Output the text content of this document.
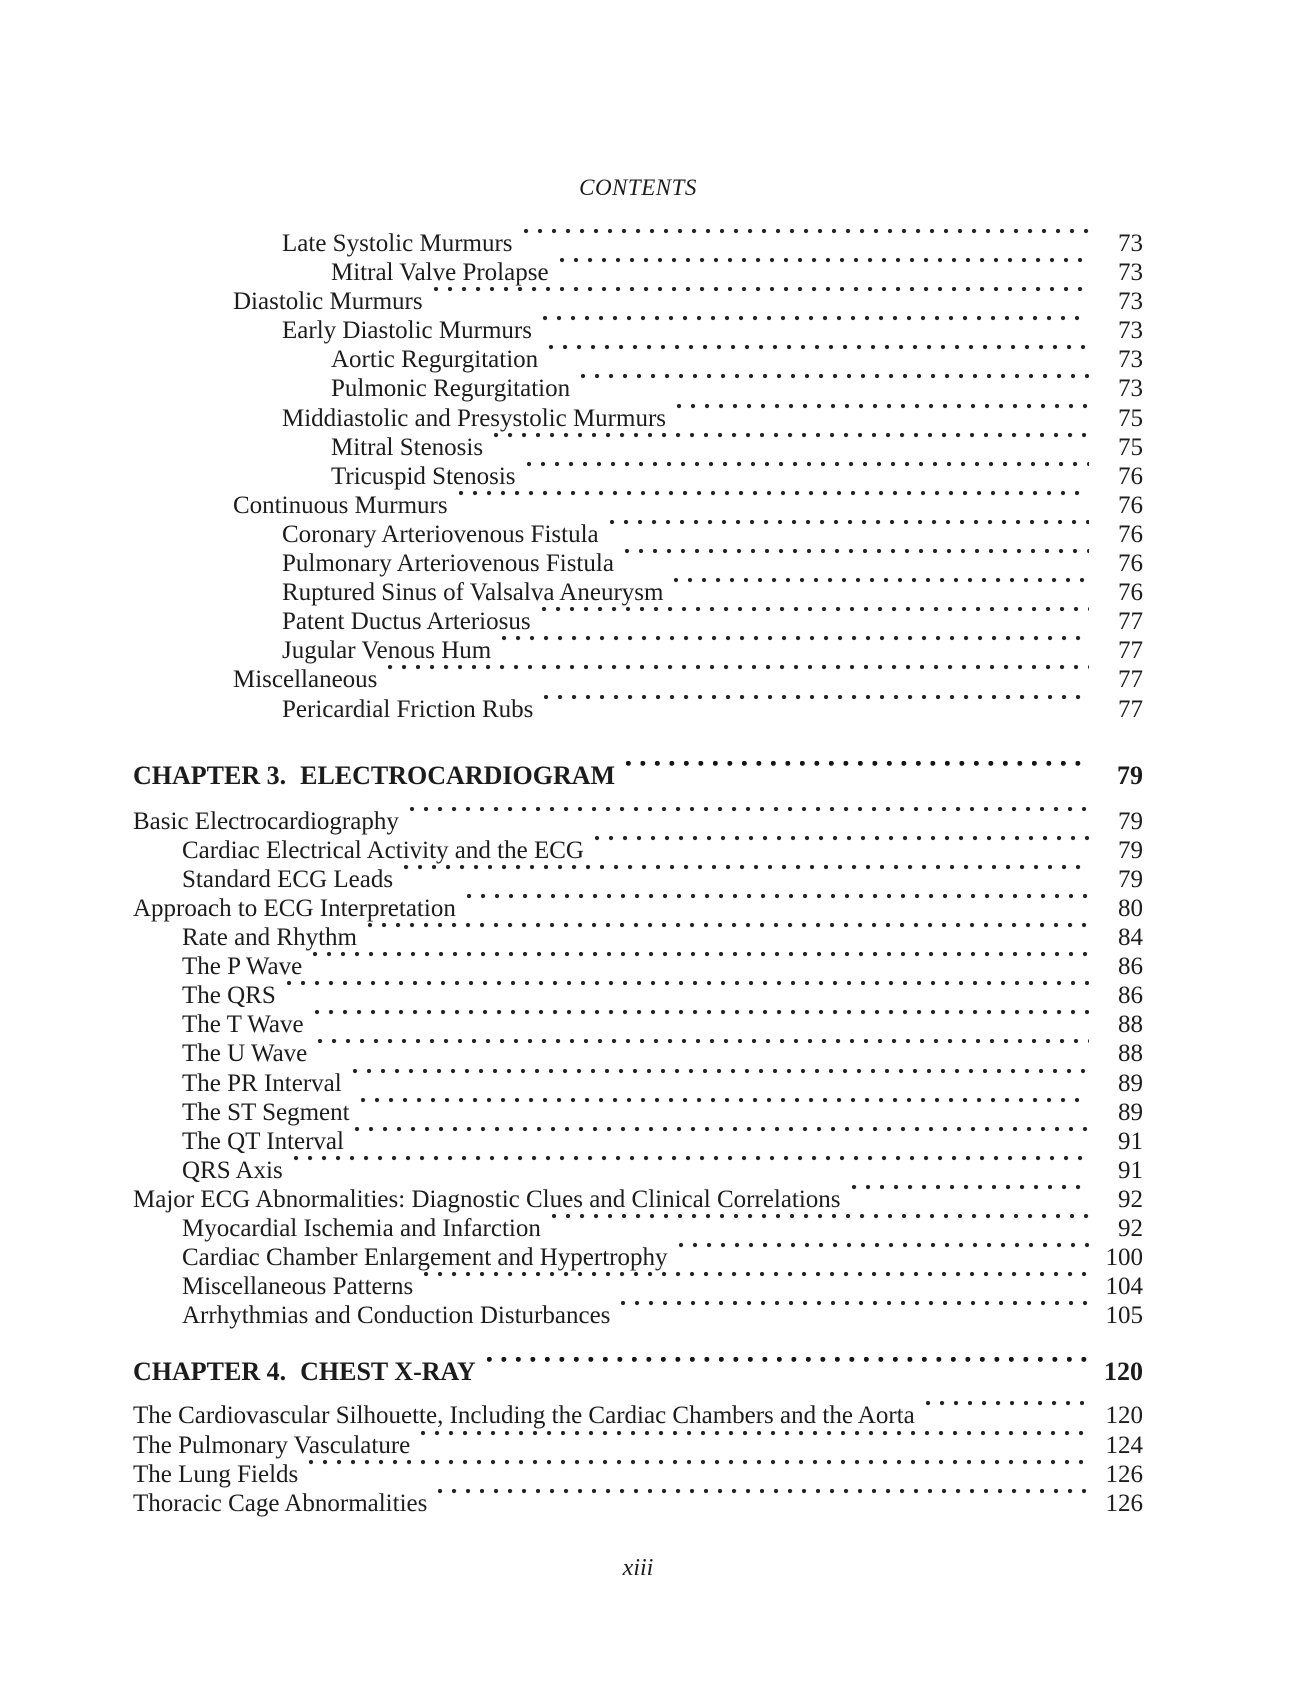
CONTENTS
Late Systolic Murmurs	73
Mitral Valve Prolapse	73
Diastolic Murmurs	73
Early Diastolic Murmurs	73
Aortic Regurgitation	73
Pulmonic Regurgitation	73
Middiastolic and Presystolic Murmurs	75
Mitral Stenosis	75
Tricuspid Stenosis	76
Continuous Murmurs	76
Coronary Arteriovenous Fistula	76
Pulmonary Arteriovenous Fistula	76
Ruptured Sinus of Valsalva Aneurysm	76
Patent Ductus Arteriosus	77
Jugular Venous Hum	77
Miscellaneous	77
Pericardial Friction Rubs	77
CHAPTER 3. ELECTROCARDIOGRAM	79
Basic Electrocardiography	79
Cardiac Electrical Activity and the ECG	79
Standard ECG Leads	79
Approach to ECG Interpretation	80
Rate and Rhythm	84
The P Wave	86
The QRS	86
The T Wave	88
The U Wave	88
The PR Interval	89
The ST Segment	89
The QT Interval	91
QRS Axis	91
Major ECG Abnormalities: Diagnostic Clues and Clinical Correlations	92
Myocardial Ischemia and Infarction	92
Cardiac Chamber Enlargement and Hypertrophy	100
Miscellaneous Patterns	104
Arrhythmias and Conduction Disturbances	105
CHAPTER 4. CHEST X-RAY	120
The Cardiovascular Silhouette, Including the Cardiac Chambers and the Aorta	120
The Pulmonary Vasculature	124
The Lung Fields	126
Thoracic Cage Abnormalities	126
xiii
